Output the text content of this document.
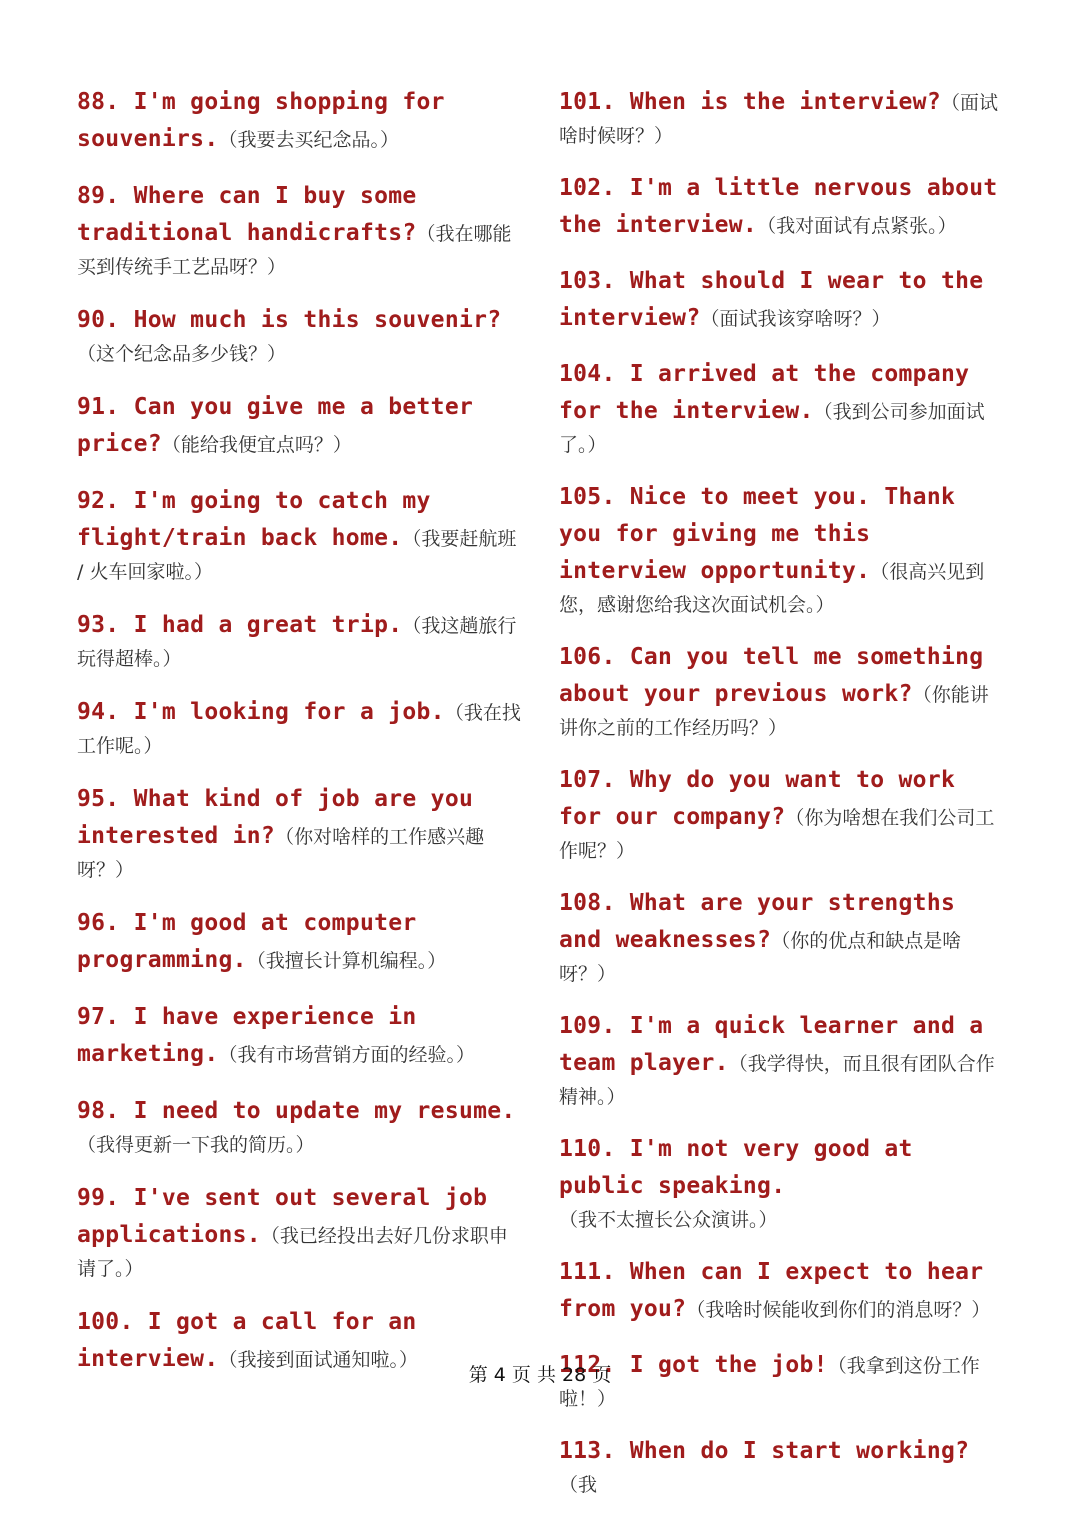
88. I'm going shopping for souvenirs.（我要去买纪念品。）

89. Where can I buy some traditional handicrafts?（我在哪能买到传统手工艺品呀？）

90. How much is this souvenir?（这个纪念品多少钱？）

91. Can you give me a better price?（能给我便宜点吗？）

92. I'm going to catch my flight/train back home.（我要赶航班 / 火车回家啦。）

93. I had a great trip.（我这趟旅行玩得超棒。）

94. I'm looking for a job.（我在找工作呢。）

95. What kind of job are you interested in?（你对啥样的工作感兴趣呀？）

96. I'm good at computer programming.（我擅长计算机编程。）

97. I have experience in marketing.（我有市场营销方面的经验。）

98. I need to update my resume.（我得更新一下我的简历。）

99. I've sent out several job applications.（我已经投出去好几份求职申请了。）

100. I got a call for an interview.（我接到面试通知啦。）

101. When is the interview?（面试啥时候呀？）

102. I'm a little nervous about the interview.（我对面试有点紧张。）

103. What should I wear to the interview?（面试我该穿啥呀？）

104. I arrived at the company for the interview.（我到公司参加面试了。）

105. Nice to meet you. Thank you for giving me this interview opportunity.（很高兴见到您，感谢您给我这次面试机会。）

106. Can you tell me something about your previous work?（你能讲讲你之前的工作经历吗？）

107. Why do you want to work for our company?（你为啥想在我们公司工作呢？）

108. What are your strengths and weaknesses?（你的优点和缺点是啥呀？）

109. I'm a quick learner and a team player.（我学得快，而且很有团队合作精神。）

110. I'm not very good at public speaking.（我不太擅长公众演讲。）

111. When can I expect to hear from you?（我啥时候能收到你们的消息呀？）

112. I got the job!（我拿到这份工作啦！）

113. When do I start working?（我

第 4 页 共 28 页
